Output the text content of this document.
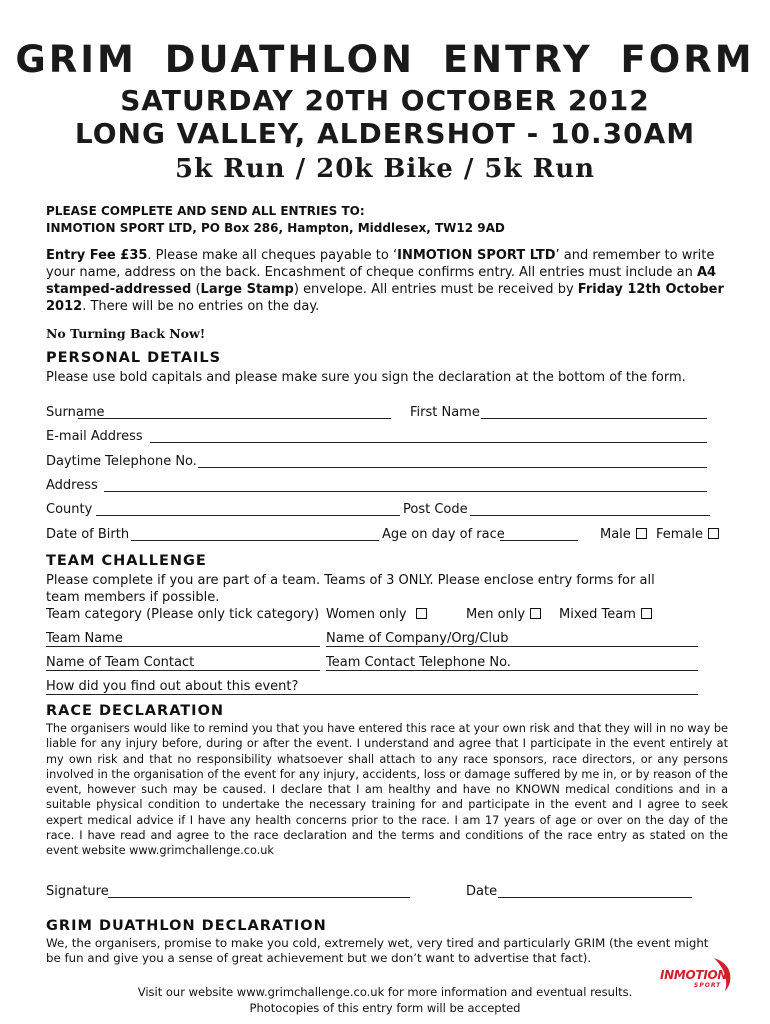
GRIM DUATHLON ENTRY FORM
SATURDAY 20TH OCTOBER 2012
LONG VALLEY, ALDERSHOT - 10.30AM
5k Run / 20k Bike / 5k Run
PLEASE COMPLETE AND SEND ALL ENTRIES TO:
INMOTION SPORT LTD, PO Box 286, Hampton, Middlesex, TW12 9AD
Entry Fee £35. Please make all cheques payable to ‘INMOTION SPORT LTD’ and remember to write your name, address on the back. Encashment of cheque confirms entry. All entries must include an A4 stamped-addressed (Large Stamp) envelope. All entries must be received by Friday 12th October 2012. There will be no entries on the day.
No Turning Back Now!
PERSONAL DETAILS
Please use bold capitals and please make sure you sign the declaration at the bottom of the form.
Surname	First Name
E-mail Address
Daytime Telephone No.
Address
County	Post Code
Date of Birth	Age on day of race	Male	Female
TEAM CHALLENGE
Please complete if you are part of a team. Teams of 3 ONLY. Please enclose entry forms for all team members if possible.
Team category (Please only tick category) Women only	Men only	Mixed Team
Team Name	Name of Company/Org/Club
Name of Team Contact	Team Contact Telephone No.
How did you find out about this event?
RACE DECLARATION
The organisers would like to remind you that you have entered this race at your own risk and that they will in no way be liable for any injury before, during or after the event. I understand and agree that I participate in the event entirely at my own risk and that no responsibility whatsoever shall attach to any race sponsors, race directors, or any persons involved in the organisation of the event for any injury, accidents, loss or damage suffered by me in, or by reason of the event, however such may be caused. I declare that I am healthy and have no KNOWN medical conditions and in a suitable physical condition to undertake the necessary training for and participate in the event and I agree to seek expert medical advice if I have any health concerns prior to the race. I am 17 years of age or over on the day of the race. I have read and agree to the race declaration and the terms and conditions of the race entry as stated on the event website www.grimchallenge.co.uk
Signature	Date
GRIM DUATHLON DECLARATION
We, the organisers, promise to make you cold, extremely wet, very tired and particularly GRIM (the event might be fun and give you a sense of great achievement but we don’t want to advertise that fact).
INMOTION
SPORT
Visit our website www.grimchallenge.co.uk for more information and eventual results.
Photocopies of this entry form will be accepted
